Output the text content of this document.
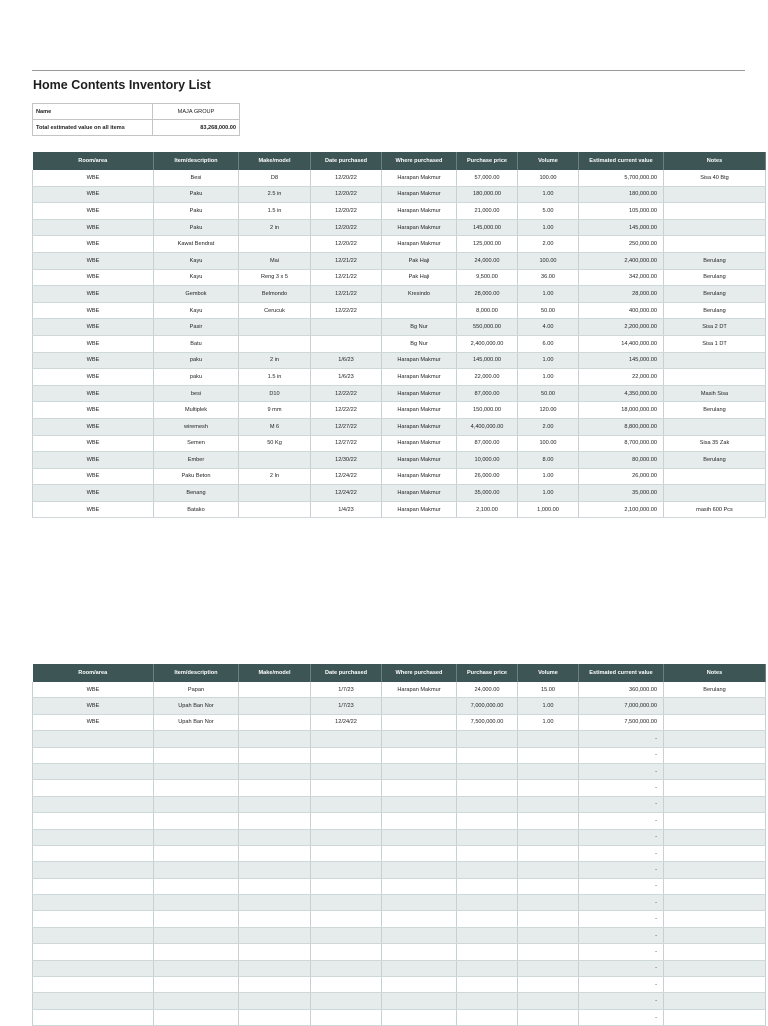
Home Contents Inventory List
Name	MAJA GROUP
Total estimated value on all items	83,268,000.00
Room/area	Item/description	Make/model	Date purchased	Where purchased	Purchase price	Volume	Estimated current value	Notes
WBE	Besi	D8	12/20/22	Harapan Makmur	57,000.00	100.00	5,700,000.00	Sisa 40 Btg
WBE	Paku	2.5 in	12/20/22	Harapan Makmur	180,000.00	1.00	180,000.00	
WBE	Paku	1.5 in	12/20/22	Harapan Makmur	21,000.00	5.00	105,000.00	
WBE	Paku	2 in	12/20/22	Harapan Makmur	145,000.00	1.00	145,000.00	
WBE	Kawat Bendrat		12/20/22	Harapan Makmur	125,000.00	2.00	250,000.00	
WBE	Kayu	Mai	12/21/22	Pak Haji	24,000.00	100.00	2,400,000.00	Berulang
WBE	Kayu	Reng 3 x 5	12/21/22	Pak Haji	9,500.00	36.00	342,000.00	Berulang
WBE	Gembok	Belmondo	12/21/22	Kresindo	28,000.00	1.00	28,000.00	Berulang
WBE	Kayu	Cerucuk	12/22/22		8,000.00	50.00	400,000.00	Berulang
WBE	Pasir			Bg Nur	550,000.00	4.00	2,200,000.00	Sisa 2 DT
WBE	Batu			Bg Nur	2,400,000.00	6.00	14,400,000.00	Sisa 1 DT
WBE	paku	2 in	1/6/23	Harapan Makmur	145,000.00	1.00	145,000.00	
WBE	paku	1.5 in	1/6/23	Harapan Makmur	22,000.00	1.00	22,000.00	
WBE	besi	D10	12/22/22	Harapan Makmur	87,000.00	50.00	4,350,000.00	Masih Sisa
WBE	Multiplek	9 mm	12/22/22	Harapan Makmur	150,000.00	120.00	18,000,000.00	Berulang
WBE	wiremesh	M 6	12/27/22	Harapan Makmur	4,400,000.00	2.00	8,800,000.00	
WBE	Semen	50 Kg	12/27/22	Harapan Makmur	87,000.00	100.00	8,700,000.00	Sisa 35 Zak
WBE	Ember		12/30/22	Harapan Makmur	10,000.00	8.00	80,000.00	Berulang
WBE	Paku Beton	2 In	12/24/22	Harapan Makmur	26,000.00	1.00	26,000.00	
WBE	Benang		12/24/22	Harapan Makmur	35,000.00	1.00	35,000.00	
WBE	Batako		1/4/23	Harapan Makmur	2,100.00	1,000.00	2,100,000.00	masih 600 Pcs
Room/area	Item/description	Make/model	Date purchased	Where purchased	Purchase price	Volume	Estimated current value	Notes
WBE	Papan		1/7/23	Harapan Makmur	24,000.00	15.00	360,000.00	Berulang
WBE	Upah Ban Nor		1/7/23		7,000,000.00	1.00	7,000,000.00	
WBE	Upah Ban Nor		12/24/22		7,500,000.00	1.00	7,500,000.00	
							-	
							-	
							-	
							-	
							-	
							-	
							-	
							-	
							-	
							-	
							-	
							-	
							-	
							-	
							-	
							-	
							-	
							-	
